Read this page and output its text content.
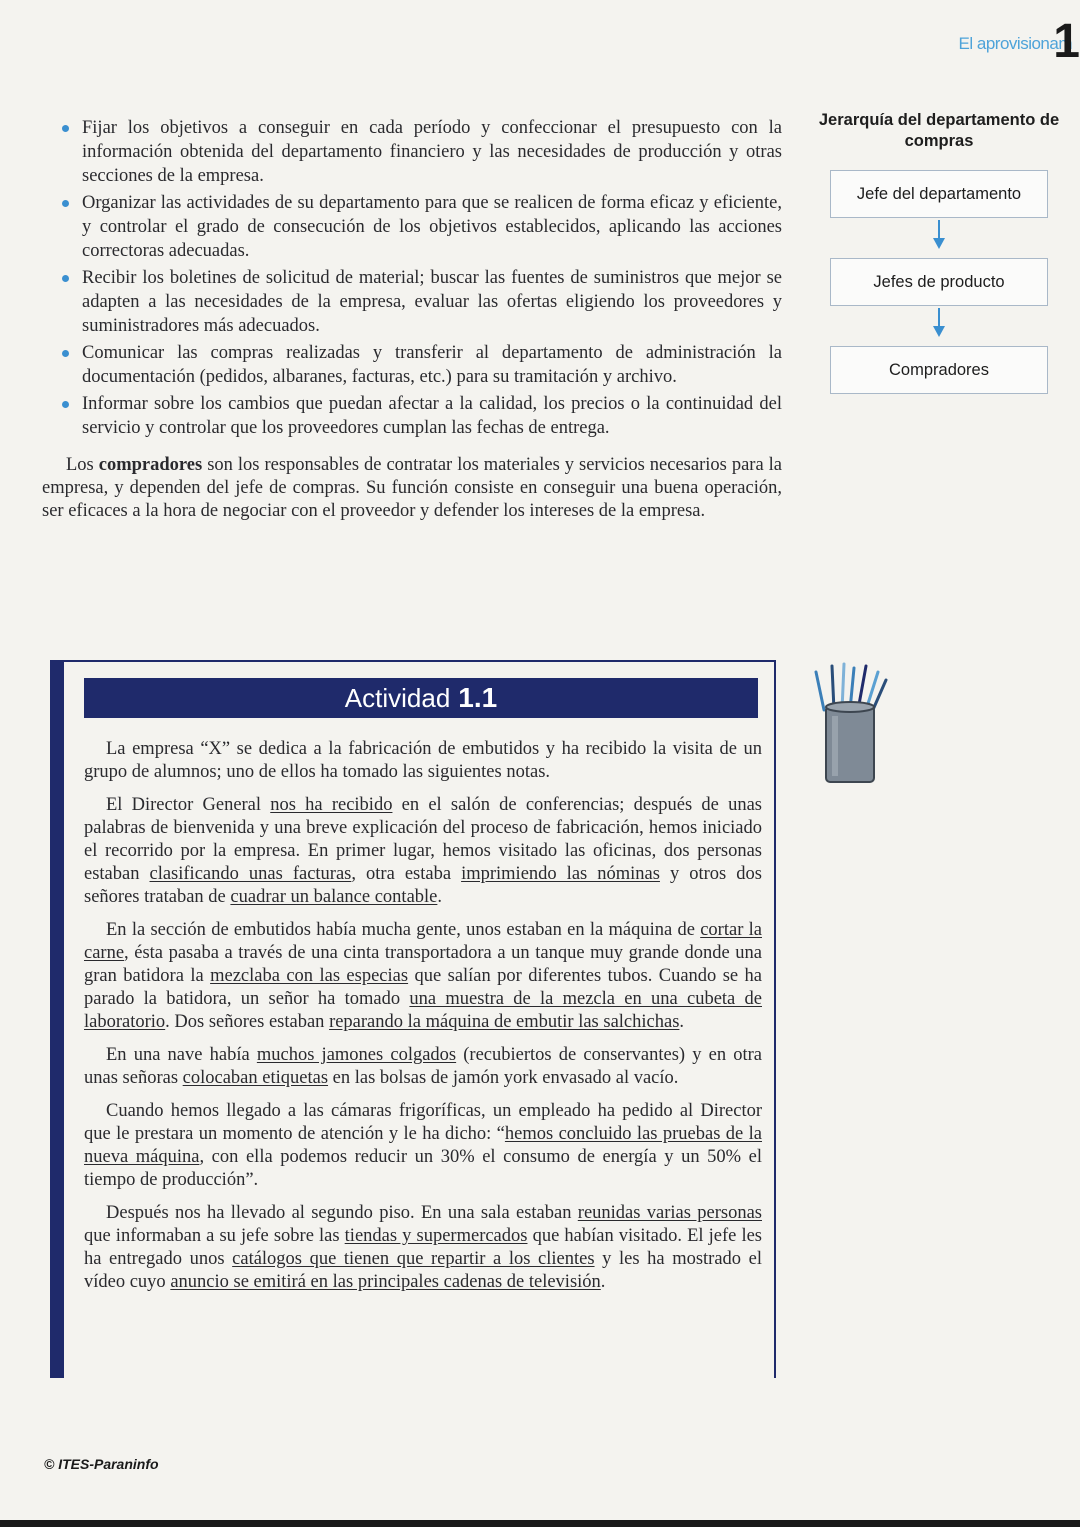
El aprovisionam
1
Fijar los objetivos a conseguir en cada período y confeccionar el presupuesto con la información obtenida del departamento financiero y las necesidades de producción y otras secciones de la empresa.
Organizar las actividades de su departamento para que se realicen de forma eficaz y eficiente, y controlar el grado de consecución de los objetivos establecidos, aplicando las acciones correctoras adecuadas.
Recibir los boletines de solicitud de material; buscar las fuentes de suministros que mejor se adapten a las necesidades de la empresa, evaluar las ofertas eligiendo los proveedores y suministradores más adecuados.
Comunicar las compras realizadas y transferir al departamento de administración la documentación (pedidos, albaranes, facturas, etc.) para su tramitación y archivo.
Informar sobre los cambios que puedan afectar a la calidad, los precios o la continuidad del servicio y controlar que los proveedores cumplan las fechas de entrega.

Los compradores son los responsables de contratar los materiales y servicios necesarios para la empresa, y dependen del jefe de compras. Su función consiste en conseguir una buena operación, ser eficaces a la hora de negociar con el proveedor y defender los intereses de la empresa.

Jerarquía del departamento de compras
Jefe del departamento
Jefes de producto
Compradores
Actividad 1.1

La empresa “X” se dedica a la fabricación de embutidos y ha recibido la visita de un grupo de alumnos; uno de ellos ha tomado las siguientes notas.

El Director General nos ha recibido en el salón de conferencias; después de unas palabras de bienvenida y una breve explicación del proceso de fabricación, hemos iniciado el recorrido por la empresa. En primer lugar, hemos visitado las oficinas, dos personas estaban clasificando unas facturas, otra estaba imprimiendo las nóminas y otros dos señores trataban de cuadrar un balance contable.

En la sección de embutidos había mucha gente, unos estaban en la máquina de cortar la carne, ésta pasaba a través de una cinta transportadora a un tanque muy grande donde una gran batidora la mezclaba con las especias que salían por diferentes tubos. Cuando se ha parado la batidora, un señor ha tomado una muestra de la mezcla en una cubeta de laboratorio. Dos señores estaban reparando la máquina de embutir las salchichas.

En una nave había muchos jamones colgados (recubiertos de conservantes) y en otra unas señoras colocaban etiquetas en las bolsas de jamón york envasado al vacío.

Cuando hemos llegado a las cámaras frigoríficas, un empleado ha pedido al Director que le prestara un momento de atención y le ha dicho: “hemos concluido las pruebas de la nueva máquina, con ella podemos reducir un 30% el consumo de energía y un 50% el tiempo de producción”.

Después nos ha llevado al segundo piso. En una sala estaban reunidas varias personas que informaban a su jefe sobre las tiendas y supermercados que habían visitado. El jefe les ha entregado unos catálogos que tienen que repartir a los clientes y les ha mostrado el vídeo cuyo anuncio se emitirá en las principales cadenas de televisión.

© ITES-Paraninfo
